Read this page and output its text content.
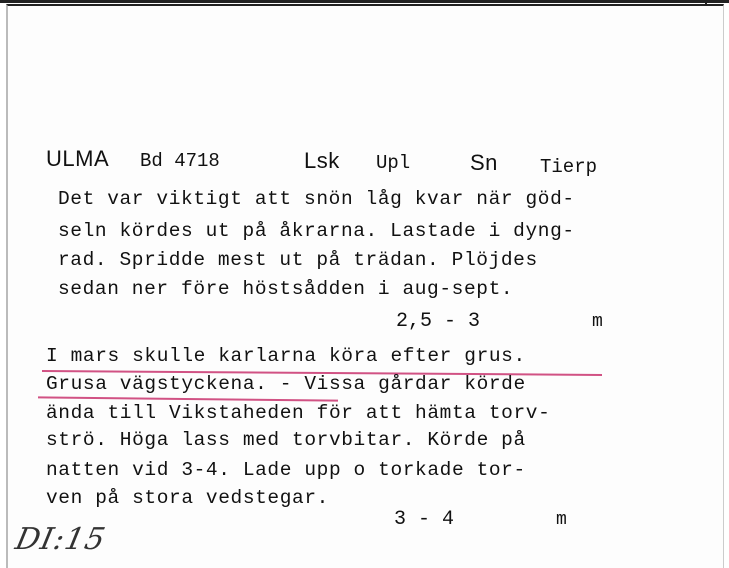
ULMA Bd 4718	Lsk Upl	Sn Tierp
Det var viktigt att snön låg kvar när göd-
seln kördes ut på åkrarna. Lastade i dyng-
rad. Spridde mest ut på trädan. Plöjdes
sedan ner före höstsådden i aug-sept.
2,5 - 3	m
I mars skulle karlarna köra efter grus.
Grusa vägstyckena. - Vissa gårdar körde
ända till Vikstaheden för att hämta torv-
strö. Höga lass med torvbitar. Körde på
natten vid 3-4. Lade upp o torkade tor-
ven på stora vedstegar.
3 - 4	m
DI:15
